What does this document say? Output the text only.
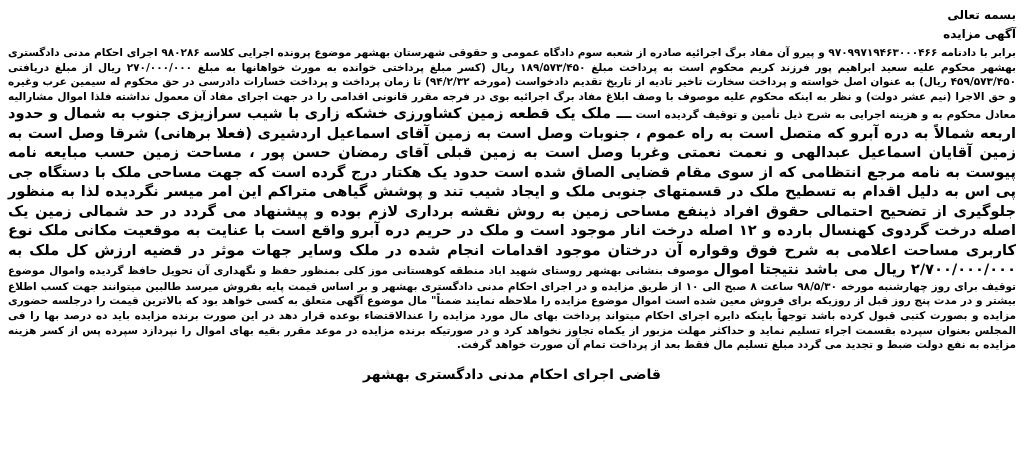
بسمه تعالی
آگهی مزایده

برابر با دادنامه ۹۷۰۹۹۷۱۹۴۶۳۰۰۰۴۶۶ و پیرو آن مفاد برگ اجرائیه صادره از شعبه سوم دادگاه عمومی و حقوقی شهرستان بهشهر موضوع پرونده اجرایی کلاسه ۹۸۰۲۸۶ اجرای احکام مدنی دادگستری بهشهر محکوم علیه سعید ابراهیم پور فرزند کریم محکوم است به پرداخت مبلغ ۱۸۹/۵۷۳/۴۵۰ ریال (کسر مبلغ پرداختی خوانده به مورث خواهانها به مبلغ ۲۷۰/۰۰۰/۰۰۰ ریال از مبلغ دریافتی ۴۵۹/۵۷۳/۴۵۰ ریال) به عنوان اصل خواسته و پرداخت سخارت تاخیر تادیه از تاریخ تقدیم دادخواست (مورخه ۹۴/۲/۳۲) تا زمان پرداخت و پرداخت خسارات دادرسی در حق محکوم له سیمین عرب وغیره و حق الاجرا (نیم عشر دولت) و نظر به اینکه محکوم علیه موصوف با وصف ابلاغ مفاد برگ اجرائیه بوی در فرجه مقرر قانونی اقدامی را در جهت اجرای مفاد آن معمول نداشته فلذا اموال مشارالیه معادل محکوم به و هزینه اجرایی به شرح ذیل تأمین و توقیف گردیده است ـــ ملک یک قطعه زمین کشاورزی خشکه زاری با شیب سرازیزی جنوب به شمال و حدود اربعه شمالاً به دره آبرو که متصل است به راه عموم ، جنوبات وصل است به زمین آقای اسماعیل اردشیری (فعلا برهانی) شرقا وصل است به زمین آقایان اسماعیل عبدالهی و نعمت نعمتی وغربا وصل است به زمین قبلی آقای رمضان حسن پور ، مساحت زمین حسب مبایعه نامه پیوست به نامه مرجع انتظامی که از سوی مقام قضایی الصاق شده است حدود یک هکتار درج گرده است که جهت مساحی ملک با دستگاه جی پی اس به دلیل اقدام به تسطیح ملک در قسمتهای جنوبی ملک و ایجاد شیب تند و پوشش گیاهی متراکم این امر میسر نگردیده لذا به منظور جلوگیری از تضحیح احتمالی حقوق افراد ذینفع مساحی زمین به روش نقشه برداری لازم بوده و پیشنهاد می گردد در حد شمالی زمین یک اصله درخت گردوی کهنسال بارده و ۱۲ اصله درخت انار موجود است و ملک در حریم دره آبرو واقع است با عنایت به موقعیت مکانی ملک نوع کاربری مساحت اعلامی به شرح فوق وقواره آن درختان موجود اقدامات انجام شده در ملک وسایر جهات موثر در قضیه ارزش کل ملک به ۲/۷۰۰/۰۰۰/۰۰۰ ریال می باشد نتیجتا اموال موصوف بنشانی بهشهر روستای شهید اباد منطقه کوهستانی موز کلی بمنظور حفظ و نگهداری آن تحویل حافظ گردیده واموال موضوع توقیف برای روز چهارشنبه مورخه ۹۸/۵/۳۰ ساعت ۸ صبح الی ۱۰ از طریق مزایده و در اجرای احکام مدنی دادگستری بهشهر و بر اساس قیمت پایه بفروش میرسد طالبین میتوانند جهت کسب اطلاع بیشتر و در مدت پنج روز قبل از روزیکه برای فروش معین شده است اموال موضوع مزایده را ملاحظه نمایند ضمناً" مال موضوع آگهی متعلق به کسی خواهد بود که بالاترین قیمت را درجلسه حضوری مزایده و بصورت کتبی قبول کرده باشد توجهاً باینکه دایره اجرای احکام میتواند پرداخت بهای مال مورد مزایده را عندالاقتضاء بوعده قرار دهد در این صورت برنده مزایده باید ده درصد بها را فی المجلس بعنوان سپرده بقسمت اجراء تسلیم نماید و حداکثر مهلت مزبور از یکماه تجاوز نخواهد کرد و در صورتیکه برنده مزایده در موعد مقرر بقیه بهای اموال را نپردازد سپرده پس از کسر هزینه مزایده به نفع دولت ضبط و تجدید می گردد مبلغ تسلیم مال فقط بعد از پرداخت تمام آن صورت خواهد گرفت.

قاضی اجرای احکام مدنی دادگستری بهشهر
